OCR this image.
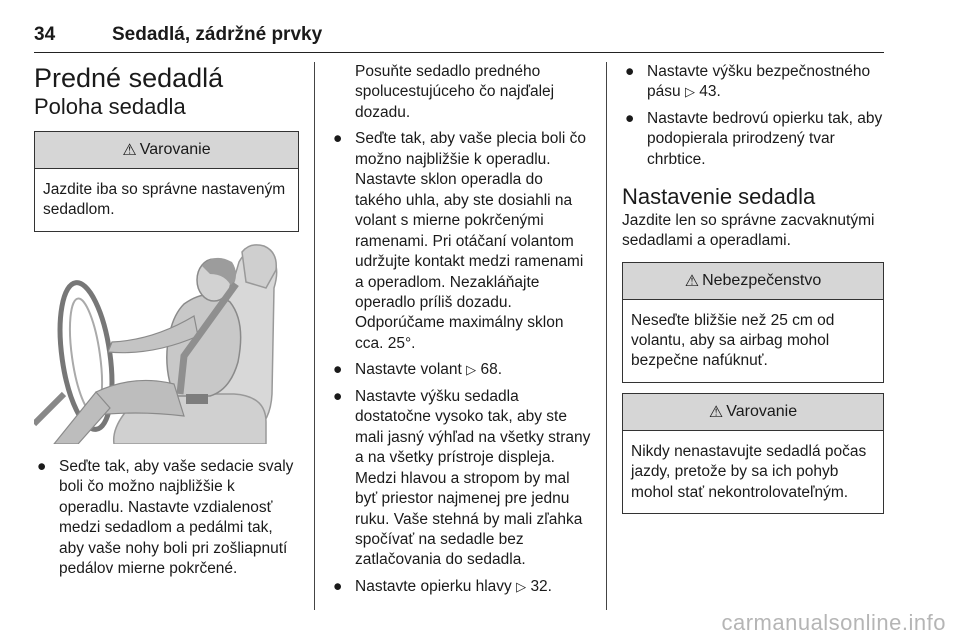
34	Sedadlá, zádržné prvky
Predné sedadlá
Poloha sedadla
⚠ Varovanie
Jazdite iba so správne nastaveným sedadlom.
● Seďte tak, aby vaše sedacie svaly boli čo možno najbližšie k operadlu. Nastavte vzdialenosť medzi sedadlom a pedálmi tak, aby vaše nohy boli pri zošliapnutí pedálov mierne pokrčené.
Posuňte sedadlo predného spolucestujúceho čo najďalej dozadu.
● Seďte tak, aby vaše plecia boli čo možno najbližšie k operadlu. Nastavte sklon operadla do takého uhla, aby ste dosiahli na volant s mierne pokrčenými ramenami. Pri otáčaní volantom udržujte kontakt medzi ramenami a operadlom. Nezakláňajte operadlo príliš dozadu. Odporúčame maximálny sklon cca. 25°.
● Nastavte volant ▷ 68.
● Nastavte výšku sedadla dostatočne vysoko tak, aby ste mali jasný výhľad na všetky strany a na všetky prístroje displeja. Medzi hlavou a stropom by mal byť priestor najmenej pre jednu ruku. Vaše stehná by mali zľahka spočívať na sedadle bez zatlačovania do sedadla.
● Nastavte opierku hlavy ▷ 32.
● Nastavte výšku bezpečnostného pásu ▷ 43.
● Nastavte bedrovú opierku tak, aby podopierala prirodzený tvar chrbtice.
Nastavenie sedadla

Jazdite len so správne zacvaknutými sedadlami a operadlami.

⚠ Nebezpečenstvo
Neseďte bližšie než 25 cm od volantu, aby sa airbag mohol bezpečne nafúknuť.
⚠ Varovanie
Nikdy nenastavujte sedadlá počas jazdy, pretože by sa ich pohyb mohol stať nekontrolovateľným.
carmanualsonline.info
